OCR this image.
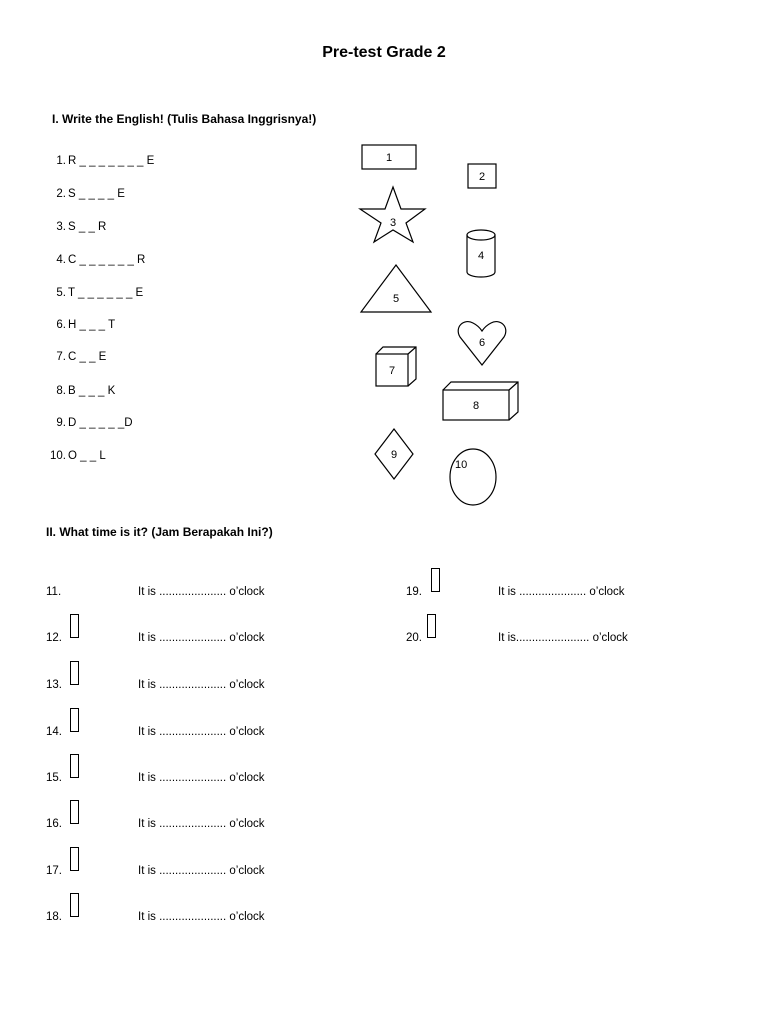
Pre-test Grade 2
I. Write the English! (Tulis Bahasa Inggrisnya!)
1. R _ _ _ _ _ _ _ E
2. S _ _ _ _ E
3. S _ _ R
4. C _ _ _ _ _ _ R
5. T _ _ _ _ _ _ E
6. H _ _ _ T
7. C _ _ E
8. B _ _ _ K
9. D _ _ _ _ _D
10. O _ _ L
1
2
3
4
5
6
7
8
9
10
II. What time is it? (Jam Berapakah Ini?)
11.	It is ..................... o’clock
12.	It is ..................... o’clock
13.	It is ..................... o’clock
14.	It is ..................... o’clock
15.	It is ..................... o’clock
16.	It is ..................... o’clock
17.	It is ..................... o’clock
18.	It is ..................... o’clock
19.	It is ..................... o’clock
20.	It is....................... o’clock
